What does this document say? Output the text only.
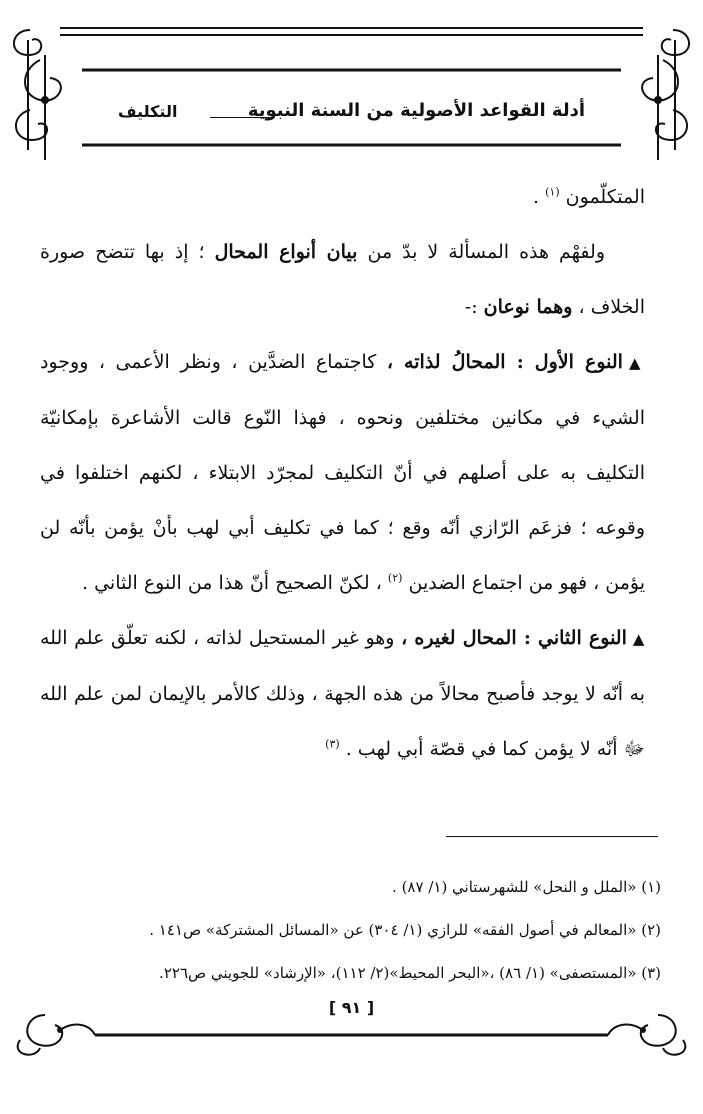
أدلة القواعد الأصولية من السنة النبوية
التكليف

المتكلّمون $^{(١)}$ .

ولفهْم هذه المسألة لا بدّ من بيان أنواع المحال ؛ إذ بها تتضح صورة الخلاف ، وهما نوعان :-

▲النوع الأول : المحالُ لذاته ، كاجتماع الضدَّين ، ونظر الأعمى ، ووجود الشيء في مكانين مختلفين ونحوه ، فهذا النّوع قالت الأشاعرة بإمكانيّة التكليف به على أصلهم في أنّ التكليف لمجرّد الابتلاء ، لكنهم اختلفوا في وقوعه ؛ فزعَم الرّازي أنّه وقع ؛ كما في تكليف أبي لهب بأنْ يؤمن بأنّه لن يؤمن ، فهو من اجتماع الضدين $^{(٢)}$ ، لكنّ الصحيح أنّ هذا من النوع الثاني .

▲النوع الثاني : المحال لغيره ، وهو غير المستحيل لذاته ، لكنه تعلّق علم الله به أنّه لا يوجد فأصبح محالاً من هذه الجهة ، وذلك كالأمر بالإيمان لمن علم الله ﷻ أنّه لا يؤمن كما في قصّة أبي لهب . $^{(٣)}$

(١) «الملل و النحل» للشهرستاني (١/ ٨٧) .

(٢) «المعالم في أصول الفقه» للرازي (١/ ٣٠٤) عن «المسائل المشتركة» ص١٤١ .

(٣) «المستصفى» (١/ ٨٦) ،«البحر المحيط»(٢/ ١١٢)، «الإرشاد» للجويني ص٢٢٦.

[ ٩١ ]
